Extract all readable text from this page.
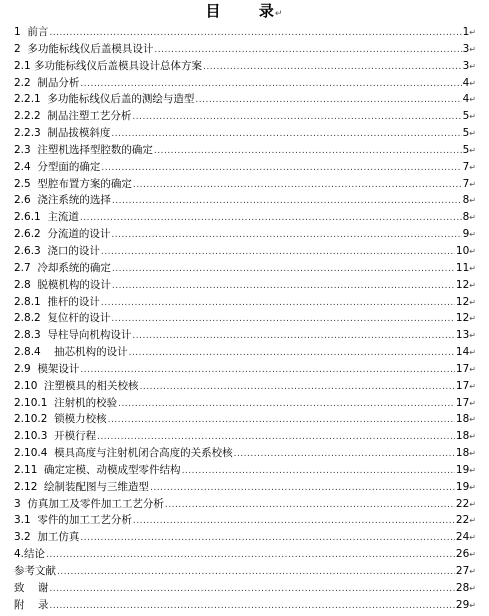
目      录↵
1  前言 .....	1 ↵
2  多功能标线仪后盖模具设计 .....	3 ↵
2.1 多功能标线仪后盖模具设计总体方案 .....	3 ↵
2.2  制品分析 .....	4 ↵
2.2.1  多功能标线仪后盖的测绘与造型 .....	4 ↵
2.2.2  制品注塑工艺分析 .....	5 ↵
2.2.3  制品拔模斜度 .....	5 ↵
2.3  注塑机选择型腔数的确定 .....	5 ↵
2.4  分型面的确定 .....	7 ↵
2.5  型腔布置方案的确定 .....	7 ↵
2.6  浇注系统的选择 .....	8 ↵
2.6.1  主流道 .....	8 ↵
2.6.2  分流道的设计 .....	9 ↵
2.6.3  浇口的设计 .....	10 ↵
2.7  冷却系统的确定 .....	11 ↵
2.8  脱模机构的设计 .....	12 ↵
2.8.1  推杆的设计 .....	12 ↵
2.8.2  复位杆的设计 .....	12 ↵
2.8.3  导柱导向机构设计 .....	13 ↵
2.8.4    抽芯机构的设计 .....	14 ↵
2.9  模架设计 .....	17 ↵
2.10  注塑模具的相关校核 .....	17 ↵
2.10.1  注射机的校验 .....	17 ↵
2.10.2  锁模力校核 .....	18 ↵
2.10.3  开模行程 .....	18 ↵
2.10.4  模具高度与注射机闭合高度的关系校核 .....	18 ↵
2.11  确定定模、动模成型零件结构 .....	19 ↵
2.12  绘制装配图与三维造型 .....	19 ↵
3  仿真加工及零件加工工艺分析 .....	22 ↵
3.1  零件的加工工艺分析 .....	22 ↵
3.2  加工仿真 .....	24 ↵
4.结论 .....	26 ↵
参考文献 .....	27 ↵
致    谢 .....	28 ↵
附    录 .....	29 ↵
